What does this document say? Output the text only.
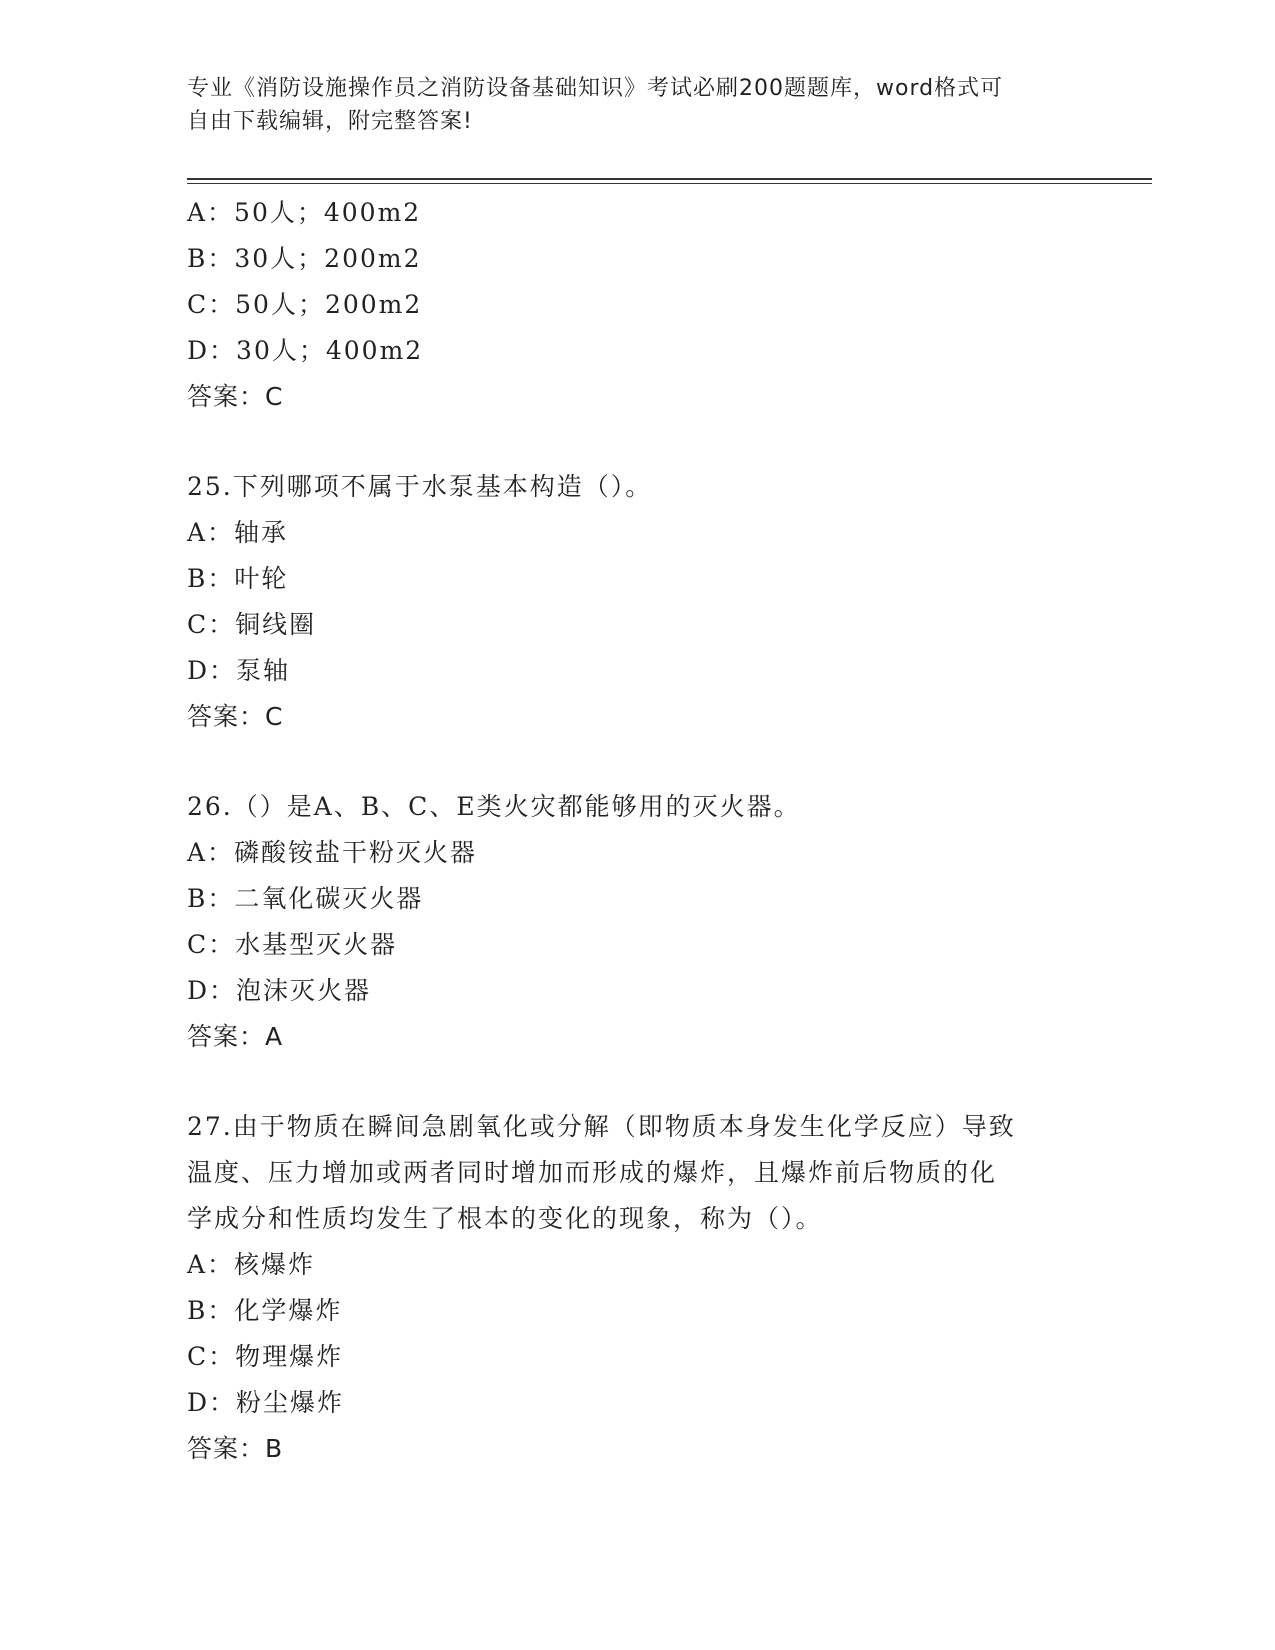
专业《消防设施操作员之消防设备基础知识》考试必刷200题题库，word格式可
自由下载编辑，附完整答案!
A：50人；400m2
B：30人；200m2
C：50人；200m2
D：30人；400m2
答案：C
25.下列哪项不属于水泵基本构造（）。
A：轴承
B：叶轮
C：铜线圈
D：泵轴
答案：C
26.（）是A、B、C、E类火灾都能够用的灭火器。
A：磷酸铵盐干粉灭火器
B：二氧化碳灭火器
C：水基型灭火器
D：泡沫灭火器
答案：A
27.由于物质在瞬间急剧氧化或分解（即物质本身发生化学反应）导致
温度、压力增加或两者同时增加而形成的爆炸，且爆炸前后物质的化
学成分和性质均发生了根本的变化的现象，称为（）。
A：核爆炸
B：化学爆炸
C：物理爆炸
D：粉尘爆炸
答案：B
